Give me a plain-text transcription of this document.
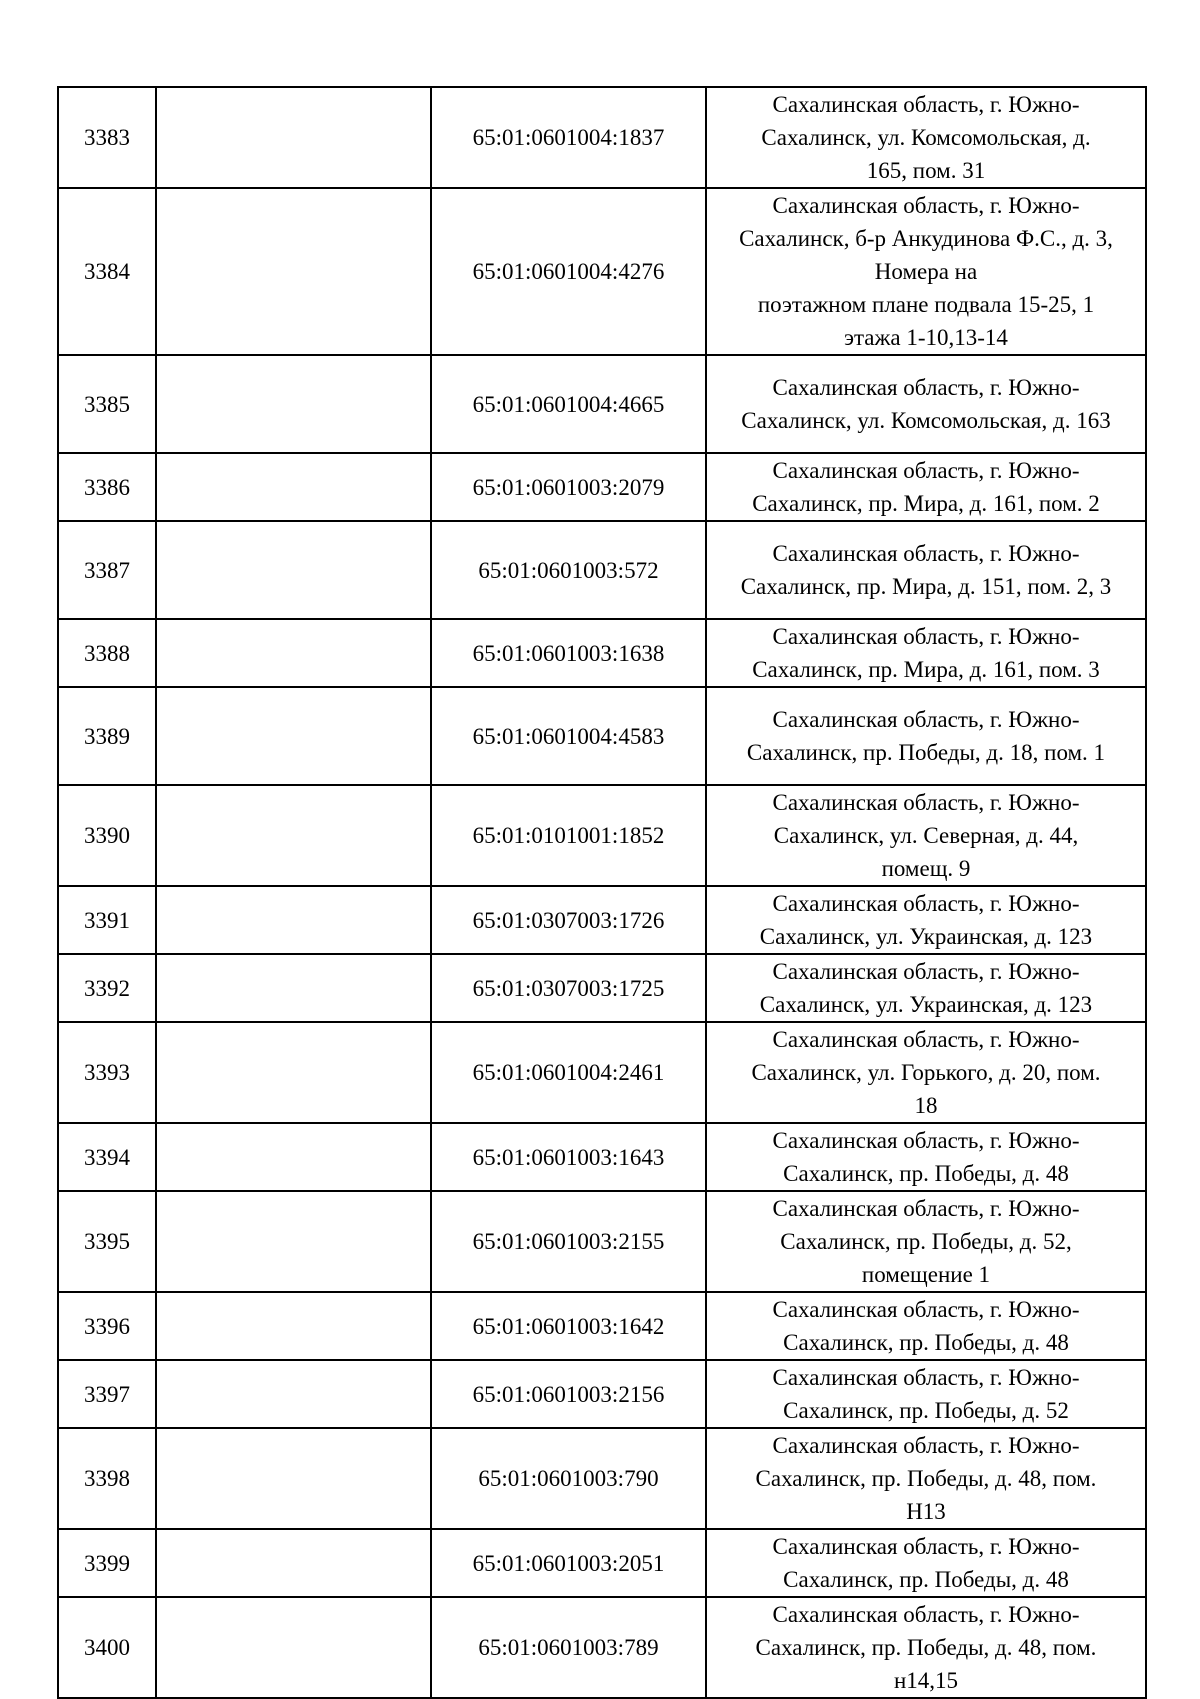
3383		65:01:0601004:1837	Сахалинская область, г. Южно-
Сахалинск, ул. Комсомольская, д.
165, пом. 31
3384		65:01:0601004:4276	Сахалинская область, г. Южно-
Сахалинск, б-р Анкудинова Ф.С., д. 3,
Номера на
поэтажном плане подвала 15-25, 1
этажа 1-10,13-14
3385		65:01:0601004:4665	Сахалинская область, г. Южно-
Сахалинск, ул. Комсомольская, д. 163
3386		65:01:0601003:2079	Сахалинская область, г. Южно-
Сахалинск, пр. Мира, д. 161, пом. 2
3387		65:01:0601003:572	Сахалинская область, г. Южно-
Сахалинск, пр. Мира, д. 151, пом. 2, 3
3388		65:01:0601003:1638	Сахалинская область, г. Южно-
Сахалинск, пр. Мира, д. 161, пом. 3
3389		65:01:0601004:4583	Сахалинская область, г. Южно-
Сахалинск, пр. Победы, д. 18, пом. 1
3390		65:01:0101001:1852	Сахалинская область, г. Южно-
Сахалинск, ул. Северная, д. 44,
помещ. 9
3391		65:01:0307003:1726	Сахалинская область, г. Южно-
Сахалинск, ул. Украинская, д. 123
3392		65:01:0307003:1725	Сахалинская область, г. Южно-
Сахалинск, ул. Украинская, д. 123
3393		65:01:0601004:2461	Сахалинская область, г. Южно-
Сахалинск, ул. Горького, д. 20, пом.
18
3394		65:01:0601003:1643	Сахалинская область, г. Южно-
Сахалинск, пр. Победы, д. 48
3395		65:01:0601003:2155	Сахалинская область, г. Южно-
Сахалинск, пр. Победы, д. 52,
помещение 1
3396		65:01:0601003:1642	Сахалинская область, г. Южно-
Сахалинск, пр. Победы, д. 48
3397		65:01:0601003:2156	Сахалинская область, г. Южно-
Сахалинск, пр. Победы, д. 52
3398		65:01:0601003:790	Сахалинская область, г. Южно-
Сахалинск, пр. Победы, д. 48, пом.
Н13
3399		65:01:0601003:2051	Сахалинская область, г. Южно-
Сахалинск, пр. Победы, д. 48
3400		65:01:0601003:789	Сахалинская область, г. Южно-
Сахалинск, пр. Победы, д. 48, пом.
н14,15
